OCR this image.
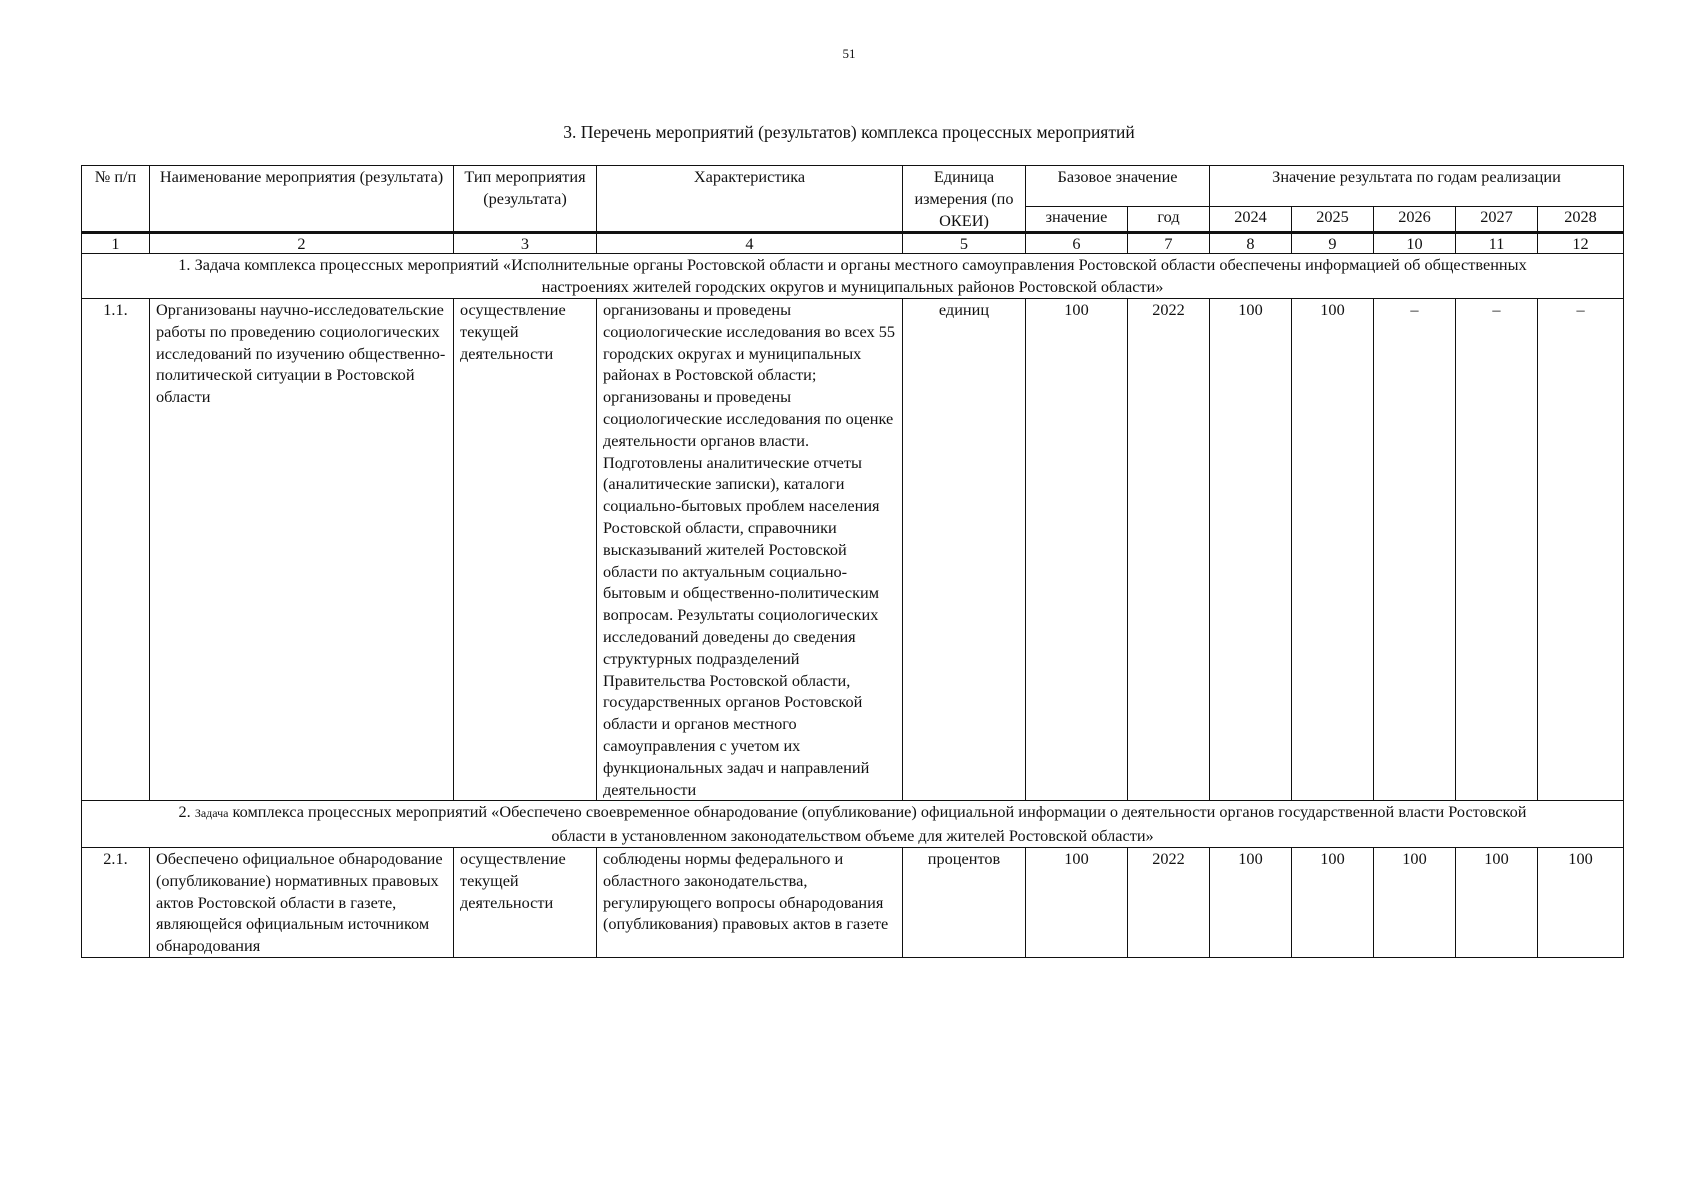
51
3. Перечень мероприятий (результатов) комплекса процессных мероприятий
№ п/п	Наименование мероприятия (результата)	Тип мероприятия (результата)	Характеристика	Единица измерения (по ОКЕИ)	Базовое значение		Значение результата по годам реализации				
					значение	год	2024	2025	2026	2027	2028
1	2	3	4	5	6	7	8	9	10	11	12
1. Задача комплекса процессных мероприятий «Исполнительные органы Ростовской области и органы местного самоуправления Ростовской области обеспечены информацией об общественных настроениях жителей городских округов и муниципальных районов Ростовской области»											
1.1.	Организованы научно-исследовательские работы по проведению социологических исследований по изучению общественно-политической ситуации в Ростовской области	осуществление текущей деятельности	организованы и проведены социологические исследования во всех 55 городских округах и муниципальных районах в Ростовской области; организованы и проведены социологические исследования по оценке деятельности органов власти. Подготовлены аналитические отчеты (аналитические записки), каталоги социально-бытовых проблем населения Ростовской области, справочники высказываний жителей Ростовской области по актуальным социально-бытовым и общественно-политическим вопросам. Результаты социологических исследований доведены до сведения структурных подразделений Правительства Ростовской области, государственных органов Ростовской области и органов местного самоуправления с учетом их функциональных задач и направлений деятельности	единиц	100	2022	100	100	–	–	–
2. Задача комплекса процессных мероприятий «Обеспечено своевременное обнародование (опубликование) официальной информации о деятельности органов государственной власти Ростовской области в установленном законодательством объеме для жителей Ростовской области»											
2.1.	Обеспечено официальное обнародование (опубликование) нормативных правовых актов Ростовской области в газете, являющейся официальным источником обнародования	осуществление текущей деятельности	соблюдены нормы федерального и областного законодательства, регулирующего вопросы обнародования (опубликования) правовых актов в газете	процентов	100	2022	100	100	100	100	100
